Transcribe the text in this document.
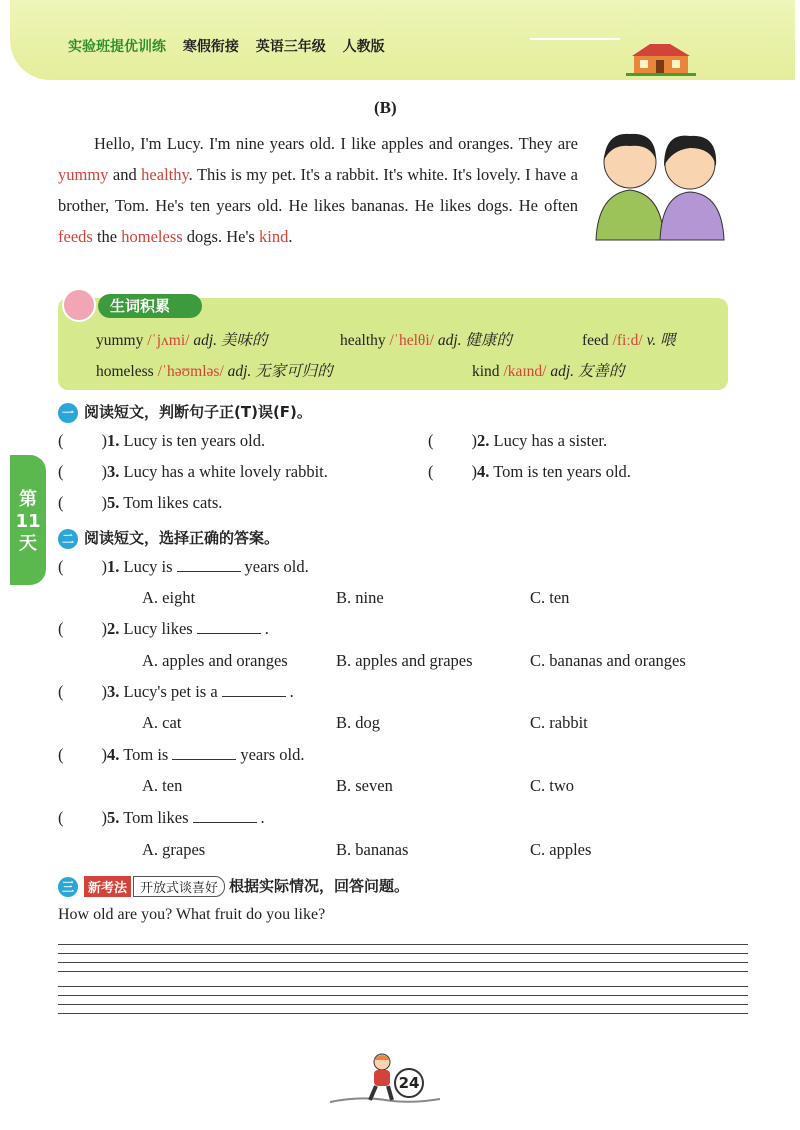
实验班提优训练 寒假衔接 英语三年级 人教版
(B)

Hello, I'm Lucy. I'm nine years old. I like apples and oranges. They are yummy and healthy. This is my pet. It's a rabbit. It's white. It's lovely. I have a brother, Tom. He's ten years old. He likes bananas. He likes dogs. He often feeds the homeless dogs. He's kind.

生词积累
yummy /ˈjʌmi/ adj. 美味的	healthy /ˈhelθi/ adj. 健康的	feed /fiːd/ v. 喂
homeless /ˈhəʊmləs/ adj. 无家可归的	kind /kaɪnd/ adj. 友善的
一 阅读短文，判断句子正(T)误(F)。
( )1. Lucy is ten years old.	( )2. Lucy has a sister.
( )3. Lucy has a white lovely rabbit.	( )4. Tom is ten years old.
( )5. Tom likes cats.
第
11
天	二 阅读短文，选择正确的答案。
( )1. Lucy is	years old.
A. eight	B. nine	C. ten
( )2. Lucy likes	.
A. apples and oranges	B. apples and grapes	C. bananas and oranges
( )3. Lucy's pet is a	.
A. cat	B. dog	C. rabbit
( )4. Tom is	years old.
A. ten	B. seven	C. two
( )5. Tom likes	.
A. grapes	B. bananas	C. apples
三 新考法 开放式谈喜好 根据实际情况，回答问题。
How old are you? What fruit do you like?
24
